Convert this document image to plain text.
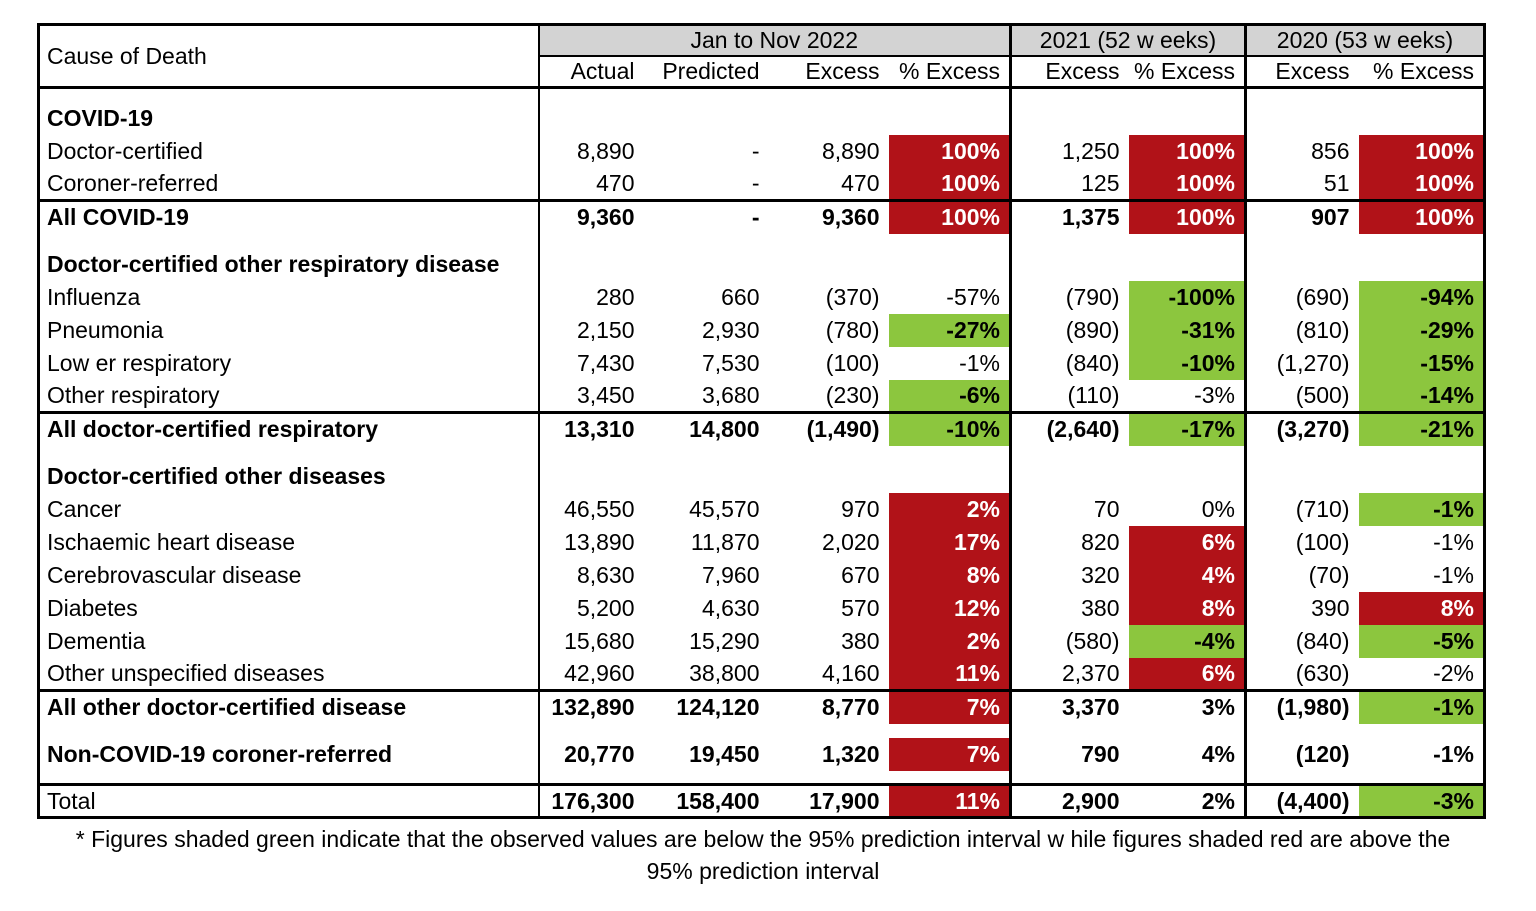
Cause of Death	Jan to Nov 2022				2021 (52 w eeks)		2020 (53 w eeks)	
	Actual	Predicted	Excess	% Excess	Excess	% Excess	Excess	% Excess

COVID-19								
Doctor-certified	8,890	-	8,890	100%	1,250	100%	856	100%
Coroner-referred	470	-	470	100%	125	100%	51	100%
All COVID-19	9,360	-	9,360	100%	1,375	100%	907	100%

Doctor-certified other respiratory disease								
Influenza	280	660	(370)	-57%	(790)	-100%	(690)	-94%
Pneumonia	2,150	2,930	(780)	-27%	(890)	-31%	(810)	-29%
Low er respiratory	7,430	7,530	(100)	-1%	(840)	-10%	(1,270)	-15%
Other respiratory	3,450	3,680	(230)	-6%	(110)	-3%	(500)	-14%
All doctor-certified respiratory	13,310	14,800	(1,490)	-10%	(2,640)	-17%	(3,270)	-21%

Doctor-certified other diseases								
Cancer	46,550	45,570	970	2%	70	0%	(710)	-1%
Ischaemic heart disease	13,890	11,870	2,020	17%	820	6%	(100)	-1%
Cerebrovascular disease	8,630	7,960	670	8%	320	4%	(70)	-1%
Diabetes	5,200	4,630	570	12%	380	8%	390	8%
Dementia	15,680	15,290	380	2%	(580)	-4%	(840)	-5%
Other unspecified diseases	42,960	38,800	4,160	11%	2,370	6%	(630)	-2%
All other doctor-certified disease	132,890	124,120	8,770	7%	3,370	3%	(1,980)	-1%

Non-COVID-19 coroner-referred	20,770	19,450	1,320	7%	790	4%	(120)	-1%

Total	176,300	158,400	17,900	11%	2,900	2%	(4,400)	-3%
* Figures shaded green indicate that the observed values are below the 95% prediction interval w hile figures shaded red are above the
95% prediction interval
